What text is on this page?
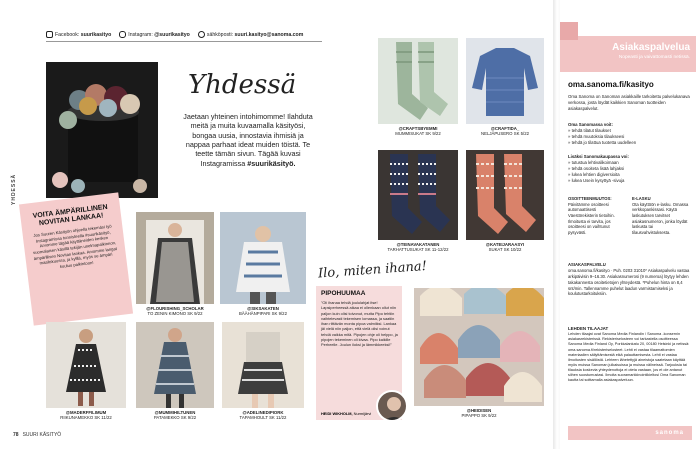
Facebook: suurikasityo	Instagram: @suurikasityo	sähköposti: suuri.kasityo@sanoma.com
Yhdessä
Jaetaan yhteinen intohimomme! Ilahduta meitä ja muita kuvaamalla käsityösi, bongaa uusia, innostavia ihmisiä ja nappaa parhaat ideat muiden töistä. Te teette tämän sivun. Tägää kuvasi Instagramissa #suurikäsityö.
VOITA ÄMPÄRILLINEN NOVITAN LANKAA!
Jos Suuren Käsityön ohjeella tekemäsi työ Instagramissa tunnisteella #suurikäsityö, Arvomme tägää käyttäneiden kesken suomalaisen käsillä tekijän unelmapalkinnon, ämpärillisen Novitan lankaa. Arvomme langat maaliskuussa, ja kylllä, myös se ämpäri kuuluu palkintoon!
YHDESSÄ
@FLOURISHING_SCHOLAR
TO ZENIN KIMONO SK 9/22
@SIKSAKATEN
BÄÄHÄNPIPARI SK 9/22
@MADERFFILIMUM
RIIKUNAMEKKO SK 11/22
@MUMMIHILTUNEN
PATAMEKKO SK 9/22
@ADELINEDIPIORK
TAPAMHOULT SK 11/22
@CRAFTSBYEMMI
MUMMISUKAT SK 9/22
@CRAFTIDA_
NELJÄPUSERO SK 5/22
@TEINAVAKATANEN
TARHATTUSUKAT SK 11-12/22
@KATEIJARAASYI
SUKAT SK 10/22
Ilo, miten ihana!
PIPOHUUMAA
"Oli ihanaa tehdä joululahjat itse! Lapsiperheessä aikaa ei ollenkaan ollut niin paljon kuin olisi toivonut, mutta Pipo tehtiin vaihtelevasti tekemisen lomassa, ja saatiin ihan riittävän monta pipoa valmiiksi. Lankaa jäi vielä niin paljon, että vielä olisi voinut tehdä vaikka mitä. Pipojen ohje oli helppo, ja pipojen tekeminen oli kivaa. Pipo kaikille Perheelle. Joulun iloksi ja lämmikkeeksi!"
HEIDI WIKHOLM, Nurmijärvi
@HEIDISEN
PIPAPPO SK 9/22
Asiakaspalvelua
Nopeasti ja vaivattomasti netissä.
oma.sanoma.fi/kasityo
Oma Sanoma on Sanoman asiakkaille tarkoitettu palvelukanava verkossa, josta löydät kaikkien Sanoman tuotteiden asiakaspalvelut.
Oma Sanomassa voit:
» tehdä tilatut tilaukset
» tehdä muutoksia tilaukseesi
» tehdä jo tilattua tuotetta uudelleen
Lisäksi Sanomakaupassa voi:
» tutustua lehtivalikoimaan
» tehdä osoiteta lisää lahjaksi
» lukea lehtien digiversioita
» lukea Usein kysyttyä -sivuja
OSOITTEENMUUTOS:
Päivitämme osoitteesi automaattisesti Väestörekisterin tietoihin. Ilmoitusta ei tarvita, jos osoitteesi on vaihtunut pysyvästi.
E-LASKU
Ota käyttöön e-lasku. Omassa verkkopankissasi. Käytä laskutuksen tarvitset asiakasnumeron, jonka löydät laskusta tai tilausvahvistuksesta.
ASIAKASPALVELU
oma.sanoma.fi/kasityo · Puh. 0203 31010* Asiakaspalvelu vastaa arkipäivisin 9–16.30. Asiakasnumerosi (9 numeroa) löytyy lehden takakannesta osoitetietojen yhteydestä. *Puhelun hinta on 8,4 snt/min. Tallennamme puhelut laadun varmistamiseksi ja koulutustarkoituksiin.
LEHDEN TILAAJAT
Lehden tilaajat ovat Sanoma Media Finlandin / Sanoma -konsernin asiakasrekisterissä. Rekisteriselosteen voi tarkastella osoitteessa Sanoma Media Finland Oy, Porkkalankatu 20, 00180 Helsinki ja netissä: oma.sanoma.fi/rekisteriselosteet. Lehti ei vastaa tilaamattomien materiaalien säilyttämisestä eikä palauttamisesta. Lehti ei vastaa ilmoitusten sisällöstä. Lehteen lähetettyjä aineistoja saatetaan käyttää myös muissa Sanoman julkaisuissa ja muissa välineissä. Tarjouksia tai tilauksia koskevia yhteydenottoja ei oteta vastaan, jos et ole antanut siihen suostumustasi. Ilmoita suoramarkkinointikieltosi Oma Sanoman kautta tai soittamalla asiakaspalveluun.
sanoma
78 SUURI KÄSITYÖ
